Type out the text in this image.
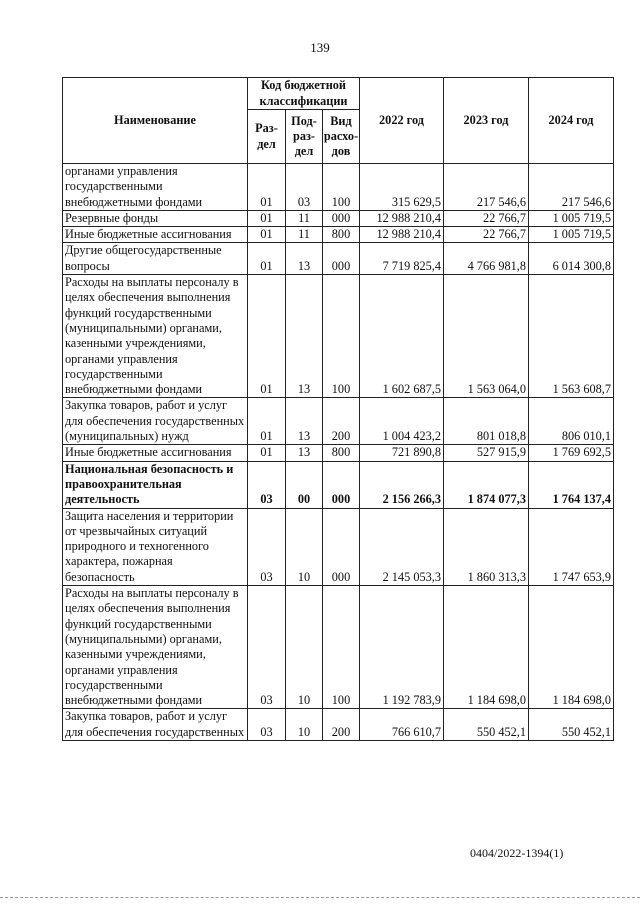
139
Наименование	Код бюджетной классификации			2022 год	2023 год	2024 год
	Раз-дел	Под-раз-дел	Вид расхо-дов			
органами управления государственными внебюджетными фондами	01	03	100	315 629,5	217 546,6	217 546,6
Резервные фонды	01	11	000	12 988 210,4	22 766,7	1 005 719,5
Иные бюджетные ассигнования	01	11	800	12 988 210,4	22 766,7	1 005 719,5
Другие общегосударственные вопросы	01	13	000	7 719 825,4	4 766 981,8	6 014 300,8
Расходы на выплаты персоналу в целях обеспечения выполнения функций государственными (муниципальными) органами, казенными учреждениями, органами управления государственными внебюджетными фондами	01	13	100	1 602 687,5	1 563 064,0	1 563 608,7
Закупка товаров, работ и услуг для обеспечения государственных (муниципальных) нужд	01	13	200	1 004 423,2	801 018,8	806 010,1
Иные бюджетные ассигнования	01	13	800	721 890,8	527 915,9	1 769 692,5
Национальная безопасность и правоохранительная деятельность	03	00	000	2 156 266,3	1 874 077,3	1 764 137,4
Защита населения и территории от чрезвычайных ситуаций природного и техногенного характера, пожарная безопасность	03	10	000	2 145 053,3	1 860 313,3	1 747 653,9
Расходы на выплаты персоналу в целях обеспечения выполнения функций государственными (муниципальными) органами, казенными учреждениями, органами управления государственными внебюджетными фондами	03	10	100	1 192 783,9	1 184 698,0	1 184 698,0
Закупка товаров, работ и услуг для обеспечения государственных	03	10	200	766 610,7	550 452,1	550 452,1
0404/2022-1394(1)
